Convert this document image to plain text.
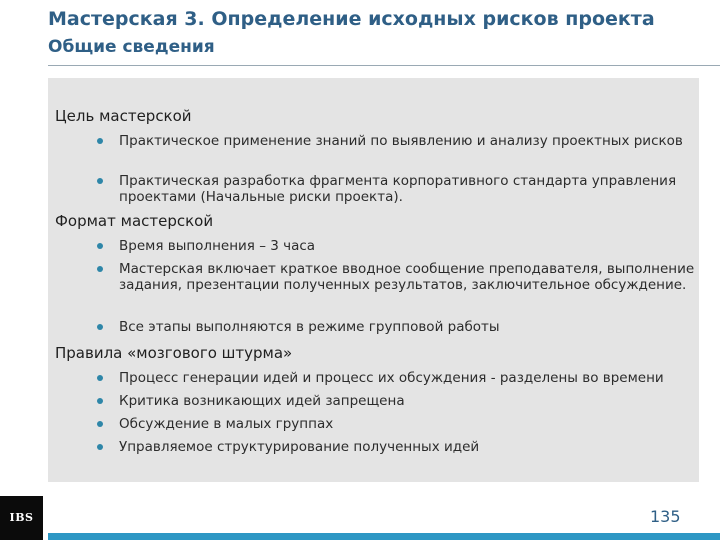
Мастерская 3. Определение исходных рисков проекта
Общие сведения
Цель мастерской
Практическое применение знаний по выявлению и анализу проектных рисков
Практическая разработка фрагмента корпоративного стандарта управления проектами (Начальные риски проекта).
Формат мастерской
Время выполнения – 3 часа
Мастерская включает краткое вводное сообщение преподавателя, выполнение задания, презентации полученных результатов, заключительное обсуждение.
Все этапы выполняются в режиме групповой работы
Правила «мозгового штурма»
Процесс генерации идей и процесс их обсуждения - разделены во времени
Критика возникающих идей запрещена
Обсуждение в малых группах
Управляемое структурирование полученных идей
IBS	135
